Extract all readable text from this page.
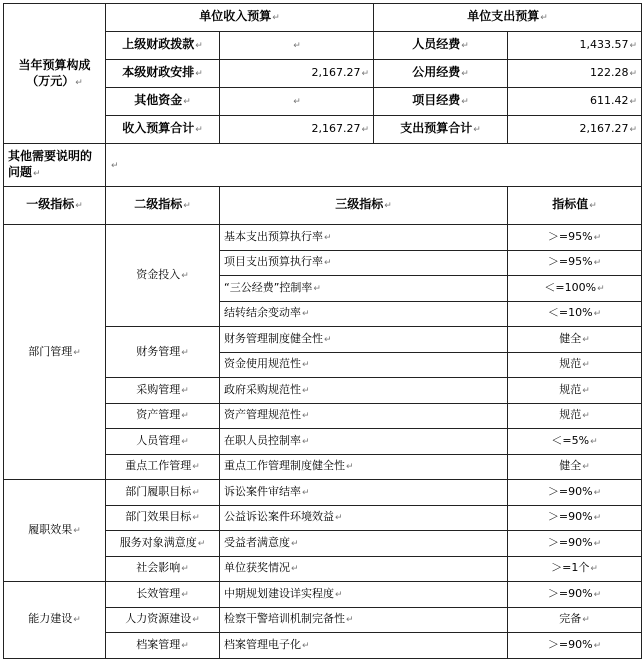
当年预算构成（万元）↵	单位收入预算↵		单位支出预算↵	
	上级财政拨款↵	↵	人员经费↵	1,433.57↵
	本级财政安排↵	2,167.27↵	公用经费↵	122.28↵
	其他资金↵	↵	项目经费↵	611.42↵
	收入预算合计↵	2,167.27↵	支出预算合计↵	2,167.27↵
其他需要说明的问题↵	↵			
一级指标↵	二级指标↵	三级指标↵		指标值↵
部门管理↵	资金投入↵	基本支出预算执行率↵		＞=95%↵
		项目支出预算执行率↵		＞=95%↵
		“三公经费”控制率↵		＜=100%↵
		结转结余变动率↵		＜=10%↵
	财务管理↵	财务管理制度健全性↵		健全↵
		资金使用规范性↵		规范↵
	采购管理↵	政府采购规范性↵		规范↵
	资产管理↵	资产管理规范性↵		规范↵
	人员管理↵	在职人员控制率↵		＜=5%↵
	重点工作管理↵	重点工作管理制度健全性↵		健全↵
履职效果↵	部门履职目标↵	诉讼案件审结率↵		＞=90%↵
	部门效果目标↵	公益诉讼案件环境效益↵		＞=90%↵
	服务对象满意度↵	受益者满意度↵		＞=90%↵
	社会影响↵	单位获奖情况↵		＞=1个↵
能力建设↵	长效管理↵	中期规划建设详实程度↵		＞=90%↵
	人力资源建设↵	检察干警培训机制完备性↵		完备↵
	档案管理↵	档案管理电子化↵		＞=90%↵
